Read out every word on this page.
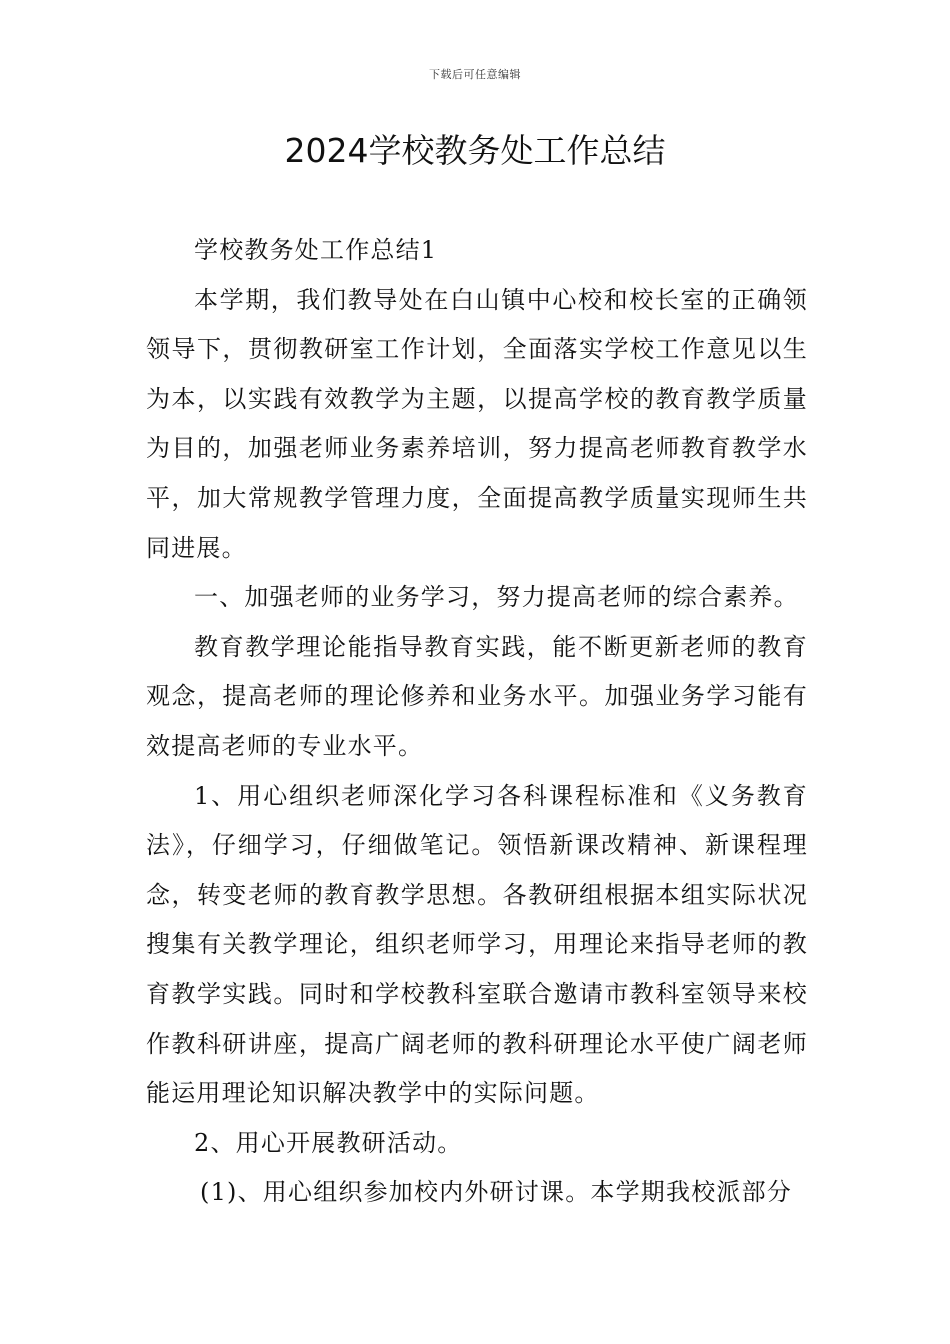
下载后可任意编辑
2024学校教务处工作总结

学校教务处工作总结1

本学期，我们教导处在白山镇中心校和校长室的正确领领导下，贯彻教研室工作计划，全面落实学校工作意见以生为本，以实践有效教学为主题，以提高学校的教育教学质量为目的，加强老师业务素养培训，努力提高老师教育教学水平，加大常规教学管理力度，全面提高教学质量实现师生共同进展。

一、加强老师的业务学习，努力提高老师的综合素养。

教育教学理论能指导教育实践，能不断更新老师的教育观念，提高老师的理论修养和业务水平。加强业务学习能有效提高老师的专业水平。

1、用心组织老师深化学习各科课程标准和《义务教育法》，仔细学习，仔细做笔记。领悟新课改精神、新课程理念，转变老师的教育教学思想。各教研组根据本组实际状况搜集有关教学理论，组织老师学习，用理论来指导老师的教育教学实践。同时和学校教科室联合邀请市教科室领导来校作教科研讲座，提高广阔老师的教科研理论水平使广阔老师能运用理论知识解决教学中的实际问题。

2、用心开展教研活动。

(1)、用心组织参加校内外研讨课。本学期我校派部分
